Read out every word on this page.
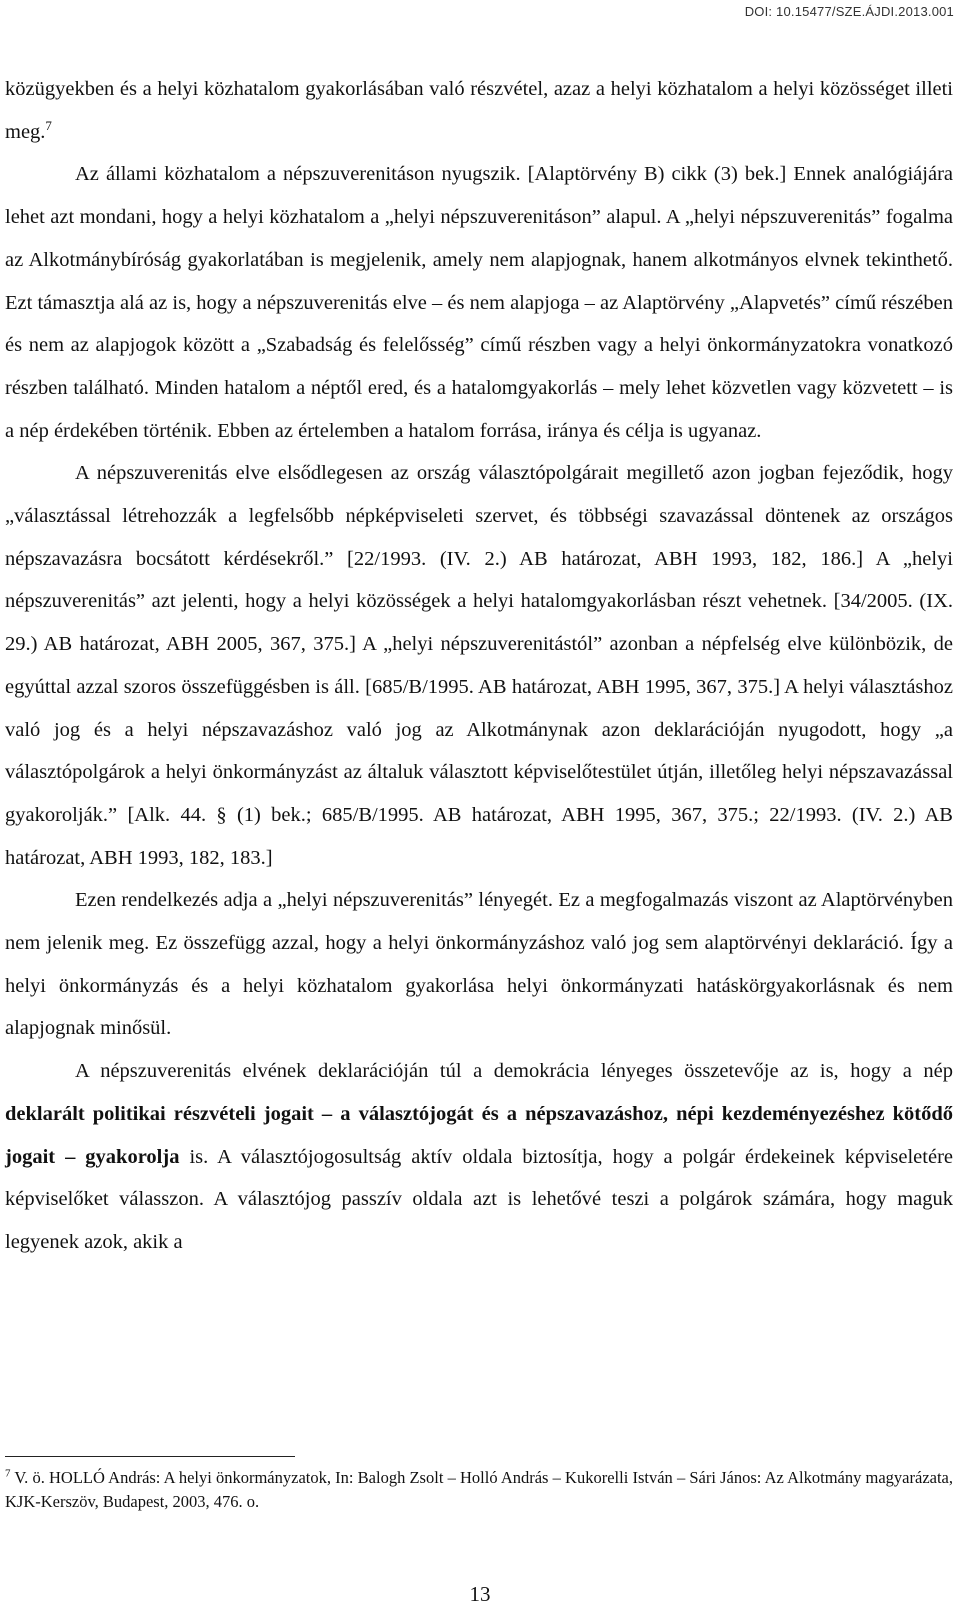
DOI: 10.15477/SZE.ÁJDI.2013.001

közügyekben és a helyi közhatalom gyakorlásában való részvétel, azaz a helyi közhatalom a helyi közösséget illeti meg.$^7$

Az állami közhatalom a népszuverenitáson nyugszik. [Alaptörvény B) cikk (3) bek.] Ennek analógiájára lehet azt mondani, hogy a helyi közhatalom a „helyi népszuverenitáson” alapul. A „helyi népszuverenitás” fogalma az Alkotmánybíróság gyakorlatában is megjelenik, amely nem alapjognak, hanem alkotmányos elvnek tekinthető. Ezt támasztja alá az is, hogy a népszuverenitás elve – és nem alapjoga – az Alaptörvény „Alapvetés” című részében és nem az alapjogok között a „Szabadság és felelősség” című részben vagy a helyi önkormányzatokra vonatkozó részben található. Minden hatalom a néptől ered, és a hatalomgyakorlás – mely lehet közvetlen vagy közvetett – is a nép érdekében történik. Ebben az értelemben a hatalom forrása, iránya és célja is ugyanaz.

A népszuverenitás elve elsődlegesen az ország választópolgárait megillető azon jogban fejeződik, hogy „választással létrehozzák a legfelsőbb népképviseleti szervet, és többségi szavazással döntenek az országos népszavazásra bocsátott kérdésekről.” [22/1993. (IV. 2.) AB határozat, ABH 1993, 182, 186.] A „helyi népszuverenitás” azt jelenti, hogy a helyi közösségek a helyi hatalomgyakorlásban részt vehetnek. [34/2005. (IX. 29.) AB határozat, ABH 2005, 367, 375.] A „helyi népszuverenitástól” azonban a népfelség elve különbözik, de egyúttal azzal szoros összefüggésben is áll. [685/B/1995. AB határozat, ABH 1995, 367, 375.] A helyi választáshoz való jog és a helyi népszavazáshoz való jog az Alkotmánynak azon deklarációján nyugodott, hogy „a választópolgárok a helyi önkormányzást az általuk választott képviselőtestület útján, illetőleg helyi népszavazással gyakorolják.” [Alk. 44. § (1) bek.; 685/B/1995. AB határozat, ABH 1995, 367, 375.; 22/1993. (IV. 2.) AB határozat, ABH 1993, 182, 183.]

Ezen rendelkezés adja a „helyi népszuverenitás” lényegét. Ez a megfogalmazás viszont az Alaptörvényben nem jelenik meg. Ez összefügg azzal, hogy a helyi önkormányzáshoz való jog sem alaptörvényi deklaráció. Így a helyi önkormányzás és a helyi közhatalom gyakorlása helyi önkormányzati hatáskörgyakorlásnak és nem alapjognak minősül.

A népszuverenitás elvének deklarációján túl a demokrácia lényeges összetevője az is, hogy a nép deklarált politikai részvételi jogait – a választójogát és a népszavazáshoz, népi kezdeményezéshez kötődő jogait – gyakorolja is. A választójogosultság aktív oldala biztosítja, hogy a polgár érdekeinek képviseletére képviselőket válasszon. A választójog passzív oldala azt is lehetővé teszi a polgárok számára, hogy maguk legyenek azok, akik a

$^7$ V. ö. HOLLÓ András: A helyi önkormányzatok, In: Balogh Zsolt – Holló András – Kukorelli István – Sári János: Az Alkotmány magyarázata, KJK-Kerszöv, Budapest, 2003, 476. o.
13
